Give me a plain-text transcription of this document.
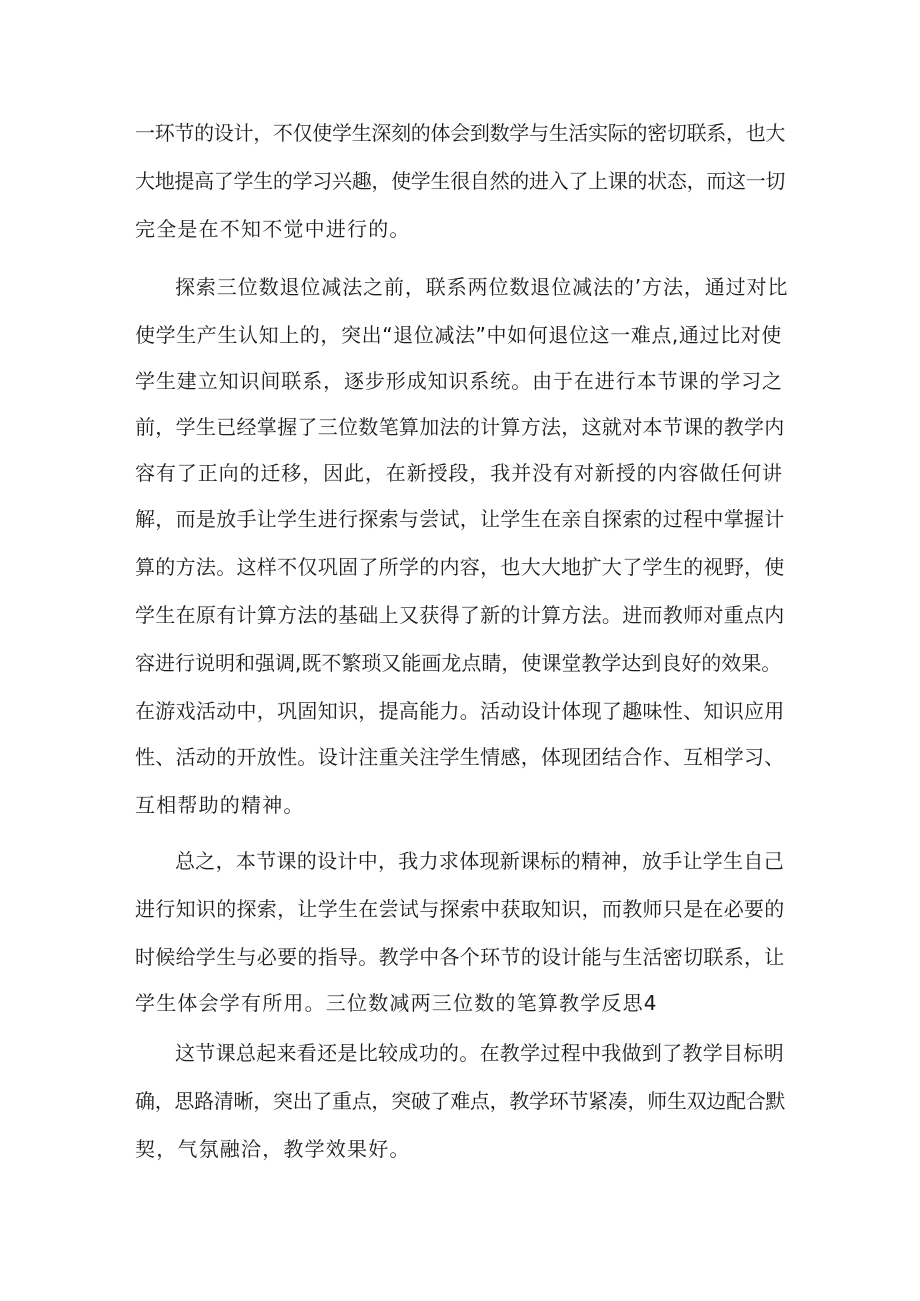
一环节的设计，不仅使学生深刻的体会到数学与生活实际的密切联系，也大
大地提高了学生的学习兴趣，使学生很自然的进入了上课的状态，而这一切
完全是在不知不觉中进行的。
探索三位数退位减法之前，联系两位数退位减法的’方法，通过对比
使学生产生认知上的，突出“退位减法”中如何退位这一难点,通过比对使
学生建立知识间联系，逐步形成知识系统。由于在进行本节课的学习之
前，学生已经掌握了三位数笔算加法的计算方法，这就对本节课的教学内
容有了正向的迁移，因此，在新授段，我并没有对新授的内容做任何讲
解，而是放手让学生进行探索与尝试，让学生在亲自探索的过程中掌握计
算的方法。这样不仅巩固了所学的内容，也大大地扩大了学生的视野，使
学生在原有计算方法的基础上又获得了新的计算方法。进而教师对重点内
容进行说明和强调,既不繁琐又能画龙点睛，使课堂教学达到良好的效果。
在游戏活动中，巩固知识，提高能力。活动设计体现了趣味性、知识应用
性、活动的开放性。设计注重关注学生情感，体现团结合作、互相学习、
互相帮助的精神。
总之，本节课的设计中，我力求体现新课标的精神，放手让学生自己
进行知识的探索，让学生在尝试与探索中获取知识，而教师只是在必要的
时候给学生与必要的指导。教学中各个环节的设计能与生活密切联系，让
学生体会学有所用。三位数减两三位数的笔算教学反思4
这节课总起来看还是比较成功的。在教学过程中我做到了教学目标明
确，思路清晰，突出了重点，突破了难点，教学环节紧凑，师生双边配合默
契，气氛融洽，教学效果好。
